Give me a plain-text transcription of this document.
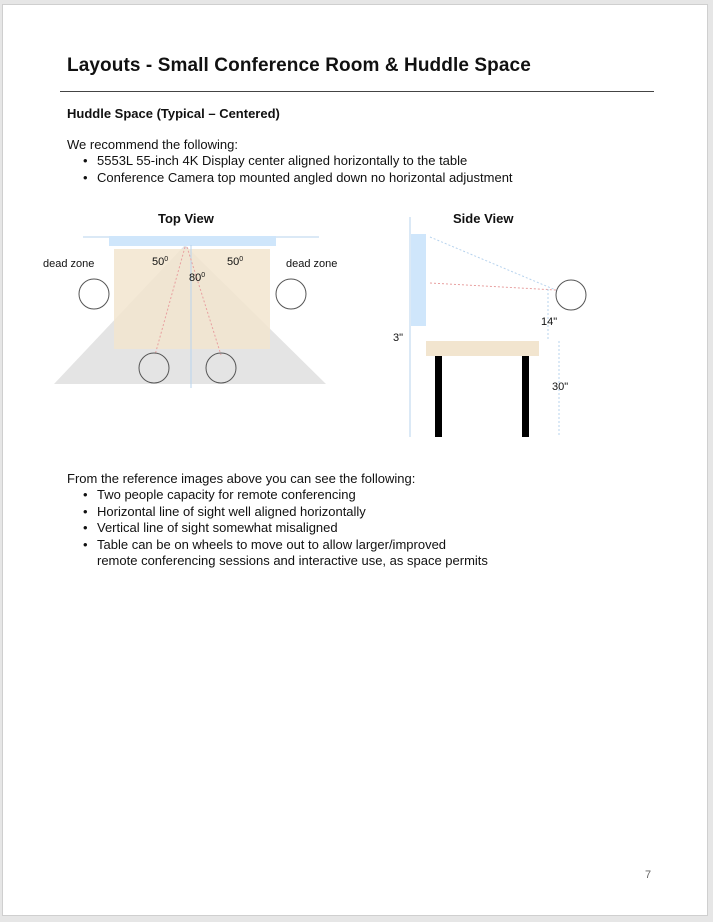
Layouts - Small Conference Room & Huddle Space
Huddle Space (Typical – Centered)
We recommend the following:
• 5553L 55-inch 4K Display center aligned horizontally to the table
• Conference Camera top mounted angled down no horizontal adjustment
Top View
dead zone	dead zone
$50^0$	$50^0$
$80^0$
Side View
3"
14"
30"
From the reference images above you can see the following:
• Two people capacity for remote conferencing
• Horizontal line of sight well aligned horizontally
• Vertical line of sight somewhat misaligned
• Table can be on wheels to move out to allow larger/improved
remote conferencing sessions and interactive use, as space permits
7
